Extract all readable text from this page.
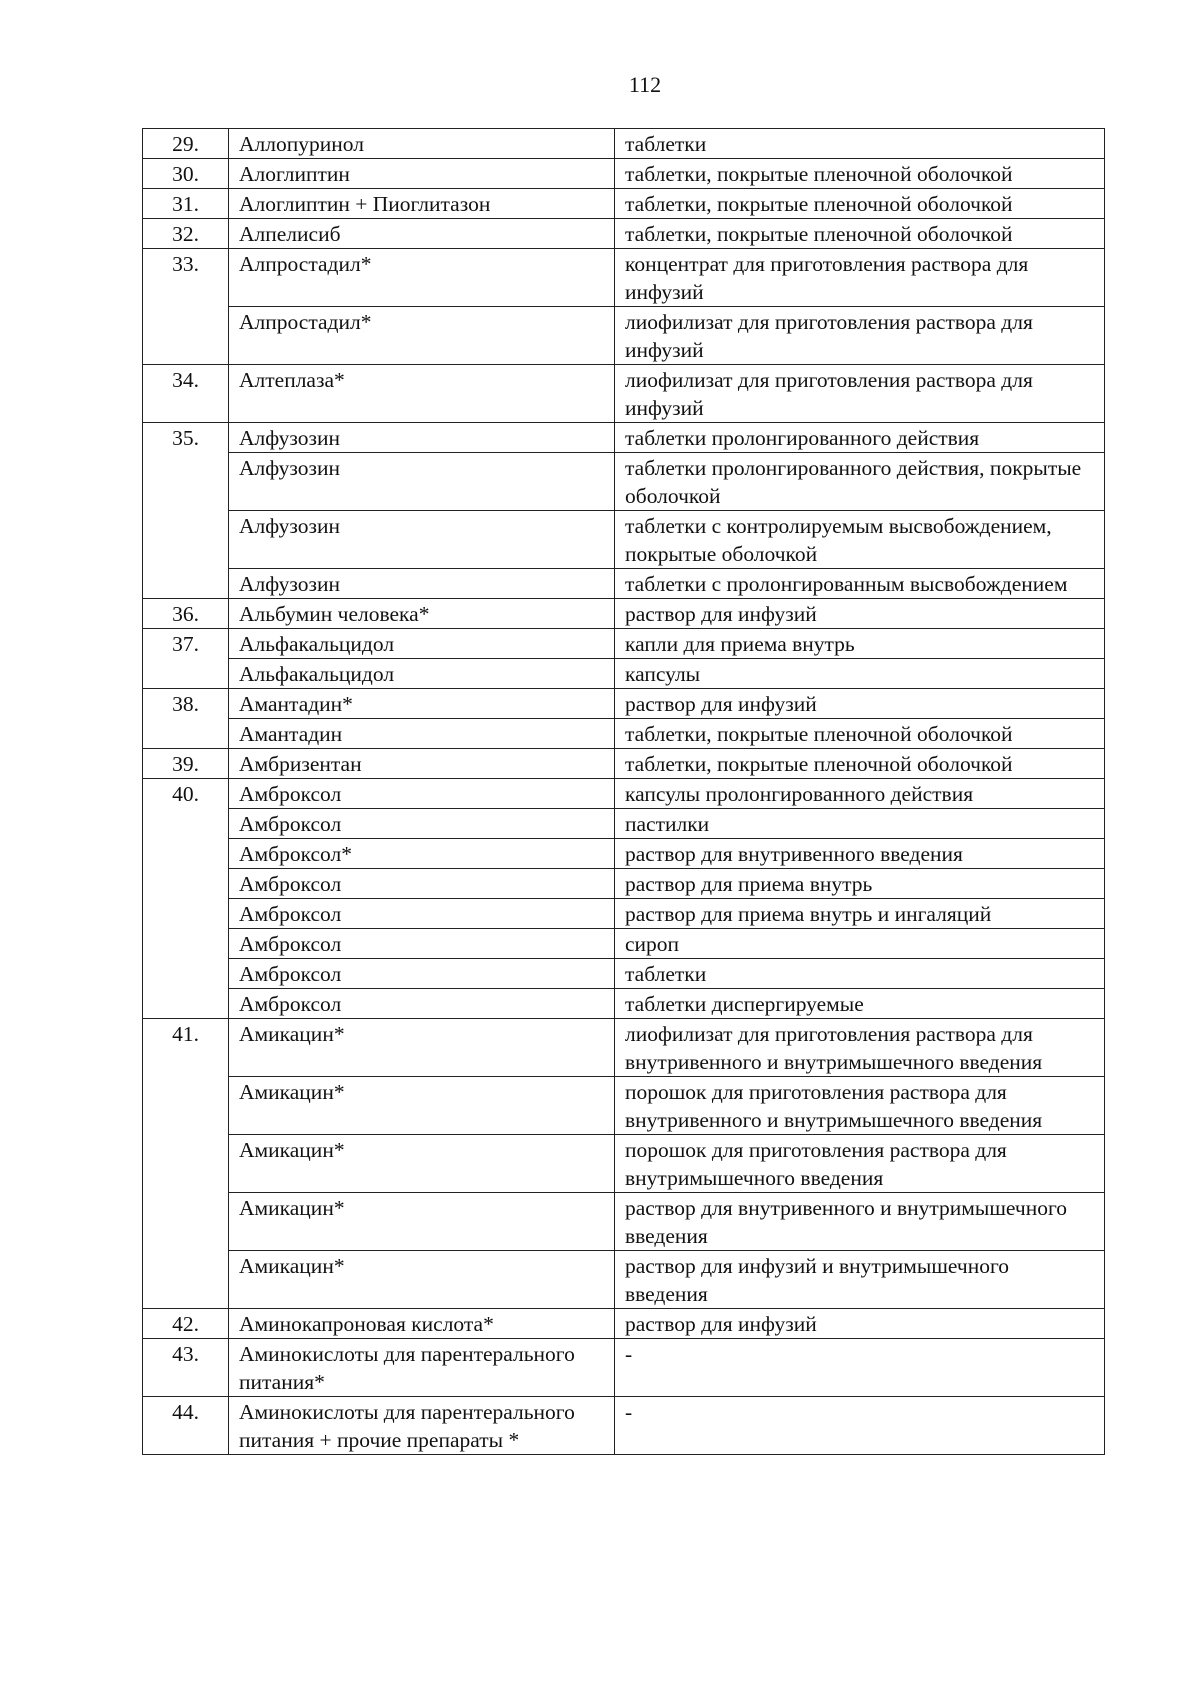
112
29.	Аллопуринол	таблетки
30.	Алоглиптин	таблетки, покрытые пленочной оболочкой
31.	Алоглиптин + Пиоглитазон	таблетки, покрытые пленочной оболочкой
32.	Алпелисиб	таблетки, покрытые пленочной оболочкой
33.	Алпростадил*	концентрат для приготовления раствора для инфузий
	Алпростадил*	лиофилизат для приготовления раствора для инфузий
34.	Алтеплаза*	лиофилизат для приготовления раствора для инфузий
35.	Алфузозин	таблетки пролонгированного действия
	Алфузозин	таблетки пролонгированного действия, покрытые оболочкой
	Алфузозин	таблетки с контролируемым высвобождением, покрытые оболочкой
	Алфузозин	таблетки с пролонгированным высвобождением
36.	Альбумин человека*	раствор для инфузий
37.	Альфакальцидол	капли для приема внутрь
	Альфакальцидол	капсулы
38.	Амантадин*	раствор для инфузий
	Амантадин	таблетки, покрытые пленочной оболочкой
39.	Амбризентан	таблетки, покрытые пленочной оболочкой
40.	Амброксол	капсулы пролонгированного действия
	Амброксол	пастилки
	Амброксол*	раствор для внутривенного введения
	Амброксол	раствор для приема внутрь
	Амброксол	раствор для приема внутрь и ингаляций
	Амброксол	сироп
	Амброксол	таблетки
	Амброксол	таблетки диспергируемые
41.	Амикацин*	лиофилизат для приготовления раствора для внутривенного и внутримышечного введения
	Амикацин*	порошок для приготовления раствора для внутривенного и внутримышечного введения
	Амикацин*	порошок для приготовления раствора для внутримышечного введения
	Амикацин*	раствор для внутривенного и внутримышечного введения
	Амикацин*	раствор для инфузий и внутримышечного введения
42.	Аминокапроновая кислота*	раствор для инфузий
43.	Аминокислоты для парентерального питания*	-
44.	Аминокислоты для парентерального питания + прочие препараты *	-
